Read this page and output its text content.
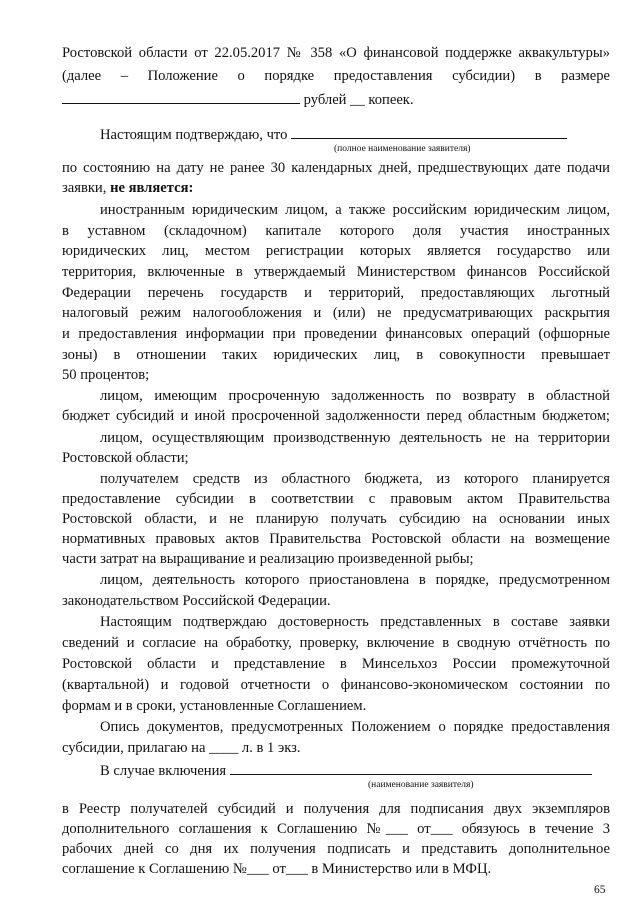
Ростовской области от 22.05.2017 № 358 «О финансовой поддержке аквакультуры»
(далее – Положение о порядке предоставления субсидии) в размере
рублей __ копеек.
Настоящим подтверждаю, что
(полное наименование заявителя)
по состоянию на дату не ранее 30 календарных дней, предшествующих дате подачи
заявки, не является:
иностранным юридическим лицом, а также российским юридическим лицом,
в уставном (складочном) капитале которого доля участия иностранных
юридических лиц, местом регистрации которых является государство или
территория, включенные в утверждаемый Министерством финансов Российской
Федерации перечень государств и территорий, предоставляющих льготный
налоговый режим налогообложения и (или) не предусматривающих раскрытия
и предоставления информации при проведении финансовых операций (офшорные
зоны) в отношении таких юридических лиц, в совокупности превышает
50 процентов;
лицом, имеющим просроченную задолженность по возврату в областной
бюджет субсидий и иной просроченной задолженности перед областным бюджетом;
лицом, осуществляющим производственную деятельность не на территории
Ростовской области;
получателем средств из областного бюджета, из которого планируется
предоставление субсидии в соответствии с правовым актом Правительства
Ростовской области, и не планирую получать субсидию на основании иных
нормативных правовых актов Правительства Ростовской области на возмещение
части затрат на выращивание и реализацию произведенной рыбы;
лицом, деятельность которого приостановлена в порядке, предусмотренном
законодательством Российской Федерации.
Настоящим подтверждаю достоверность представленных в составе заявки
сведений и согласие на обработку, проверку, включение в сводную отчётность по
Ростовской области и представление в Минсельхоз России промежуточной
(квартальной) и годовой отчетности о финансово-экономическом состоянии по
формам и в сроки, установленные Соглашением.
Опись документов, предусмотренных Положением о порядке предоставления
субсидии, прилагаю на ____ л. в 1 экз.
В случае включения
(наименование заявителя)
в Реестр получателей субсидий и получения для подписания двух экземпляров
дополнительного соглашения к Соглашению №___ от___ обязуюсь в течение 3
рабочих дней со дня их получения подписать и представить дополнительное
соглашение к Соглашению №___ от___ в Министерство или в МФЦ.
65
